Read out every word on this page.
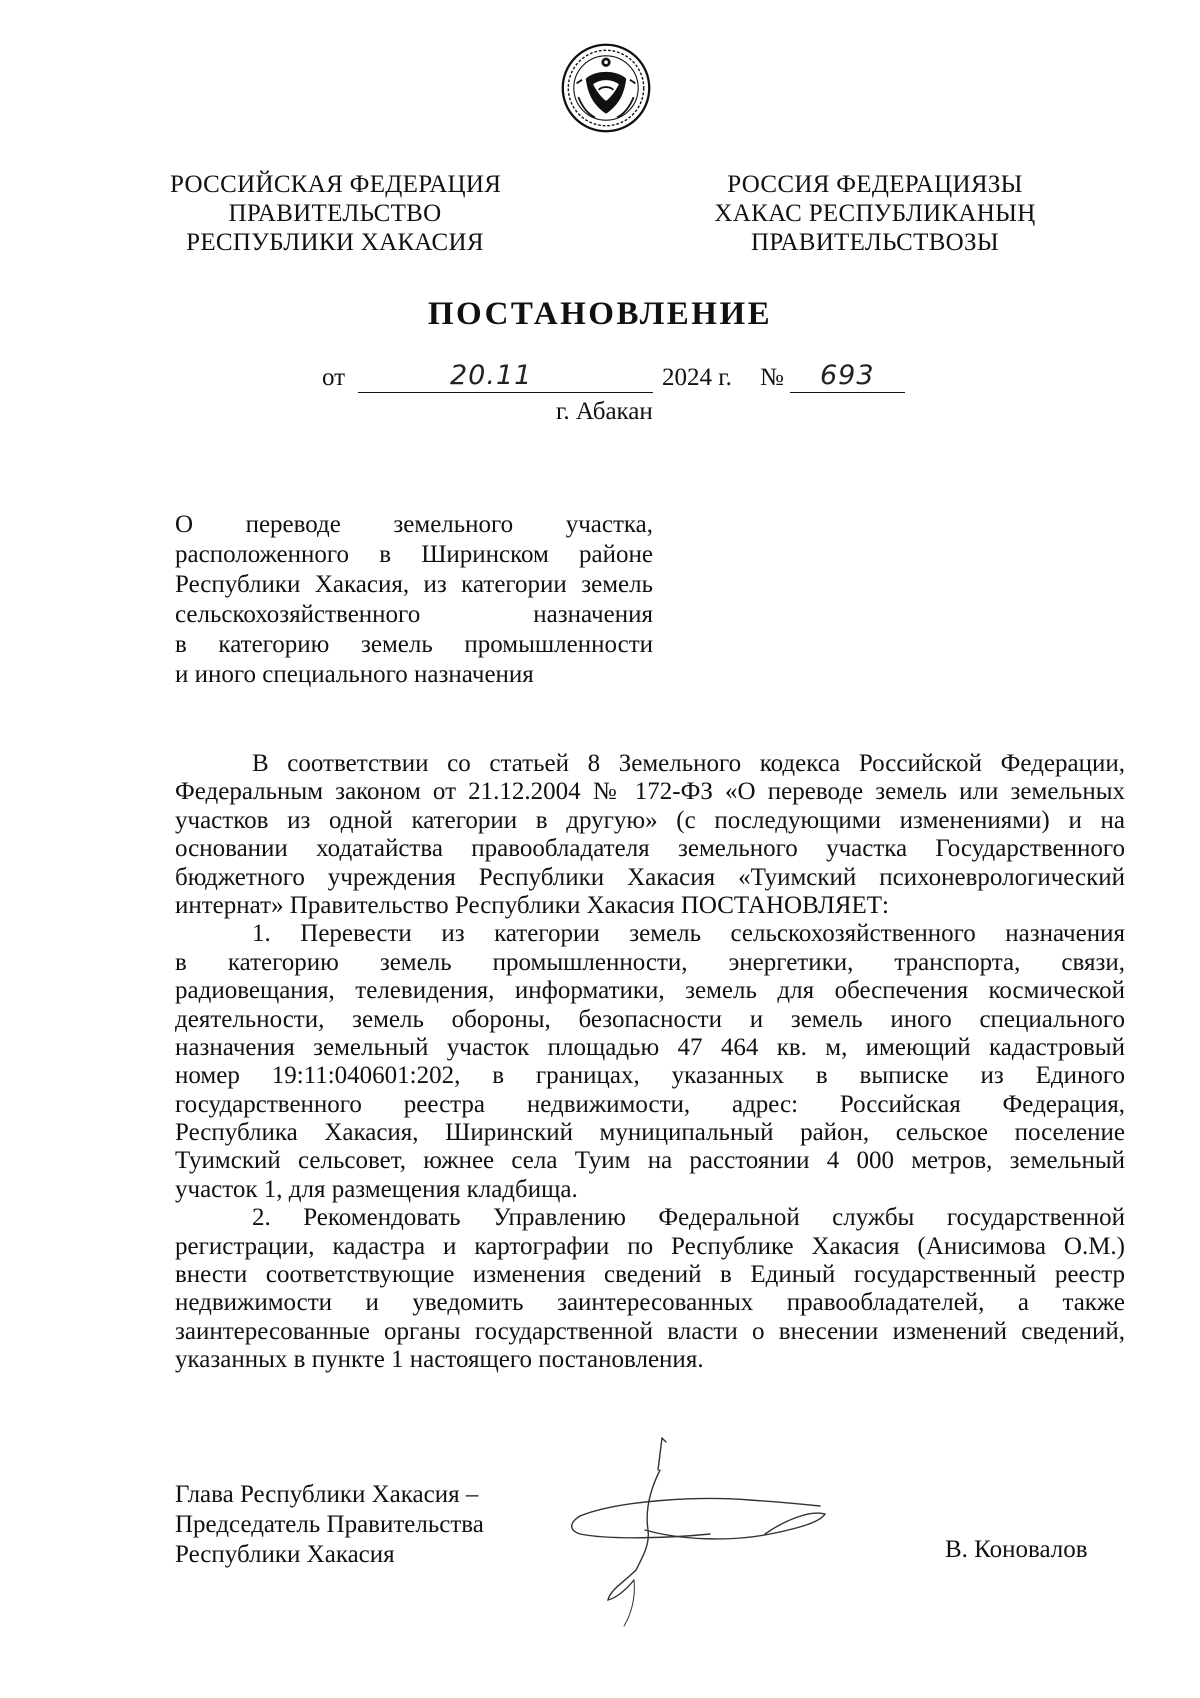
РОССИЙСКАЯ ФЕДЕРАЦИЯ
ПРАВИТЕЛЬСТВО
РЕСПУБЛИКИ ХАКАСИЯ
РОССИЯ ФЕДЕРАЦИЯЗЫ
ХАКАС РЕСПУБЛИКАНЫҢ
ПРАВИТЕЛЬСТВОЗЫ
ПОСТАНОВЛЕНИЕ
от	20.11	2024 г. № 693
г. Абакан
О переводе земельного участка,
расположенного в Ширинском районе
Республики Хакасия, из категории земель
сельскохозяйственного назначения
в категорию земель промышленности
и иного специального назначения
В соответствии со статьей 8 Земельного кодекса Российской Федерации,
Федеральным законом от 21.12.2004 № 172-ФЗ «О переводе земель или земельных
участков из одной категории в другую» (с последующими изменениями) и на
основании ходатайства правообладателя земельного участка Государственного
бюджетного учреждения Республики Хакасия «Туимский психоневрологический
интернат» Правительство Республики Хакасия ПОСТАНОВЛЯЕТ:
1. Перевести из категории земель сельскохозяйственного назначения
в категорию земель промышленности, энергетики, транспорта, связи,
радиовещания, телевидения, информатики, земель для обеспечения космической
деятельности, земель обороны, безопасности и земель иного специального
назначения земельный участок площадью 47 464 кв. м, имеющий кадастровый
номер 19:11:040601:202, в границах, указанных в выписке из Единого
государственного реестра недвижимости, адрес: Российская Федерация,
Республика Хакасия, Ширинский муниципальный район, сельское поселение
Туимский сельсовет, южнее села Туим на расстоянии 4 000 метров, земельный
участок 1, для размещения кладбища.
2. Рекомендовать Управлению Федеральной службы государственной
регистрации, кадастра и картографии по Республике Хакасия (Анисимова О.М.)
внести соответствующие изменения сведений в Единый государственный реестр
недвижимости и уведомить заинтересованных правообладателей, а также
заинтересованные органы государственной власти о внесении изменений сведений,
указанных в пункте 1 настоящего постановления.
Глава Республики Хакасия –
Председатель Правительства
Республики Хакасия	В. Коновалов
